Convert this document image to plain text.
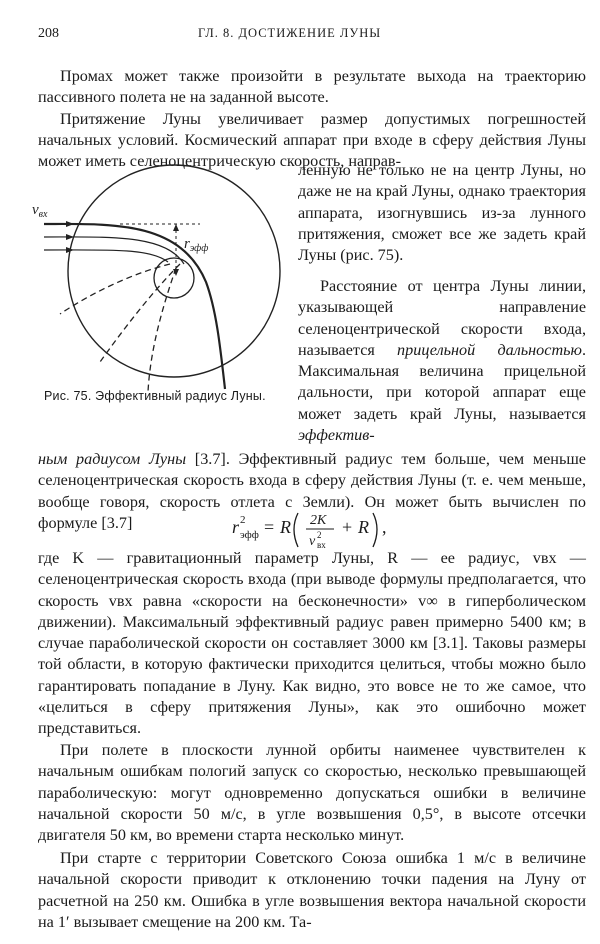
208	ГЛ. 8. ДОСТИЖЕНИЕ ЛУНЫ

Промах может также произойти в результате выхода на траекторию пассивного полета не на заданной высоте.

Притяжение Луны увеличивает размер допустимых погрешностей начальных условий. Космический аппарат при входе в сферу действия Луны может иметь селеноцентрическую скорость, направ-

ленную не только не на центр Луны, но даже не на край Луны, однако траектория аппарата, изогнувшись из-за лунного притяжения, сможет все же задеть край Луны (рис. 75).

Расстояние от центра Луны линии, указывающей направление селеноцентрической скорости входа, называется прицельной дальностью. Максимальная величина прицельной дальности, при которой аппарат еще может задеть край Луны, называется эффектив-

$v_{вх}$
$r_{эфф}$
Рис. 75. Эффективный радиус Луны.

ным радиусом Луны [3.7]. Эффективный радиус тем больше, чем меньше селеноцентрическая скорость входа в сферу действия Луны (т. е. чем меньше, вообще говоря, скорость отлета с Земли). Он может быть вычислен по формуле [3.7]	r 2
эфф = R 2K
v 2
вх
+ R ,

где K — гравитационный параметр Луны, R — ее радиус, vвх — селеноцентрическая скорость входа (при выводе формулы предполагается, что скорость vвх равна «скорости на бесконечности» v∞ в гиперболическом движении). Максимальный эффективный радиус равен примерно 5400 км; в случае параболической скорости он составляет 3000 км [3.1]. Таковы размеры той области, в которую фактически приходится целиться, чтобы можно было гарантировать попадание в Луну. Как видно, это вовсе не то же самое, что «целиться в сферу притяжения Луны», как это ошибочно может представиться.

При полете в плоскости лунной орбиты наименее чувствителен к начальным ошибкам пологий запуск со скоростью, несколько превышающей параболическую: могут одновременно допускаться ошибки в величине начальной скорости 50 м/с, в угле возвышения 0,5°, в высоте отсечки двигателя 50 км, во времени старта несколько минут.

При старте с территории Советского Союза ошибка 1 м/с в величине начальной скорости приводит к отклонению точки падения на Луну от расчетной на 250 км. Ошибка в угле возвышения вектора начальной скорости на 1′ вызывает смещение на 200 км. Та-
